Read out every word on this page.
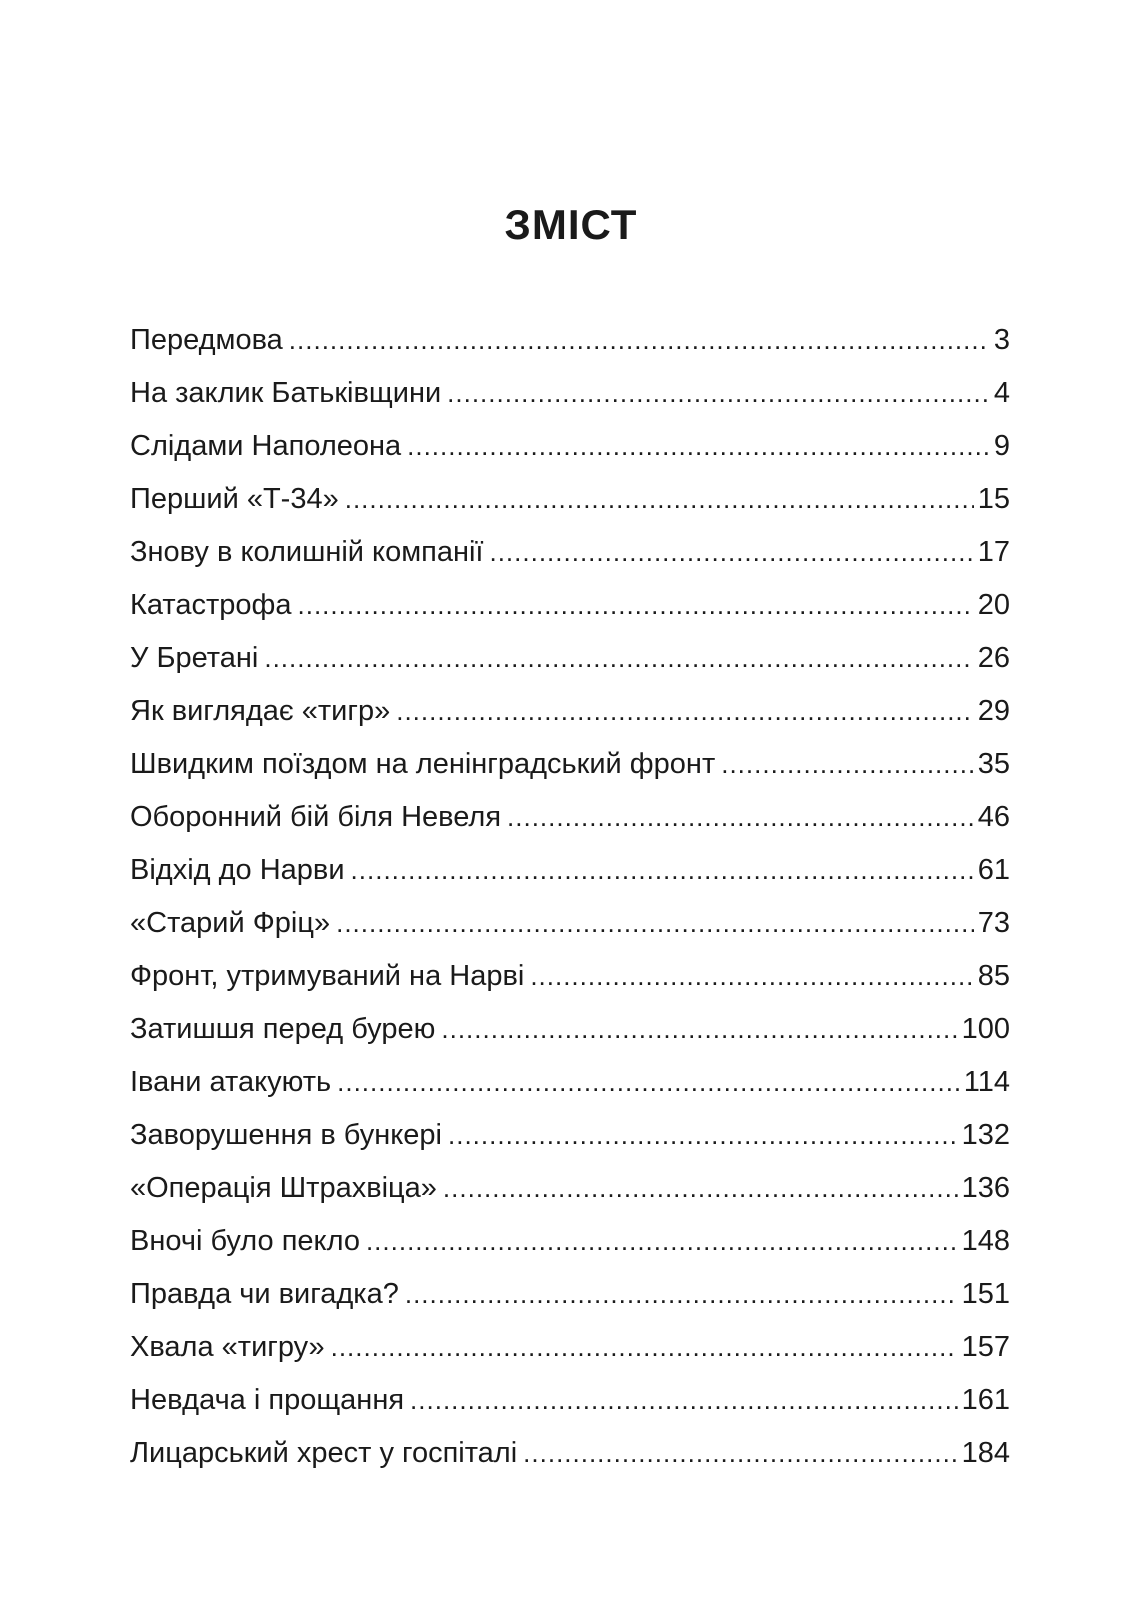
ЗМІСТ
Передмова .....	3
На заклик Батьківщини .....	4
Слідами Наполеона .....	9
Перший «Т-34» .....	15
Знову в колишній компанії .....	17
Катастрофа .....	20
У Бретані .....	26
Як виглядає «тигр» .....	29
Швидким поїздом на ленінградський фронт .....	35
Оборонний бій біля Невеля .....	46
Відхід до Нарви .....	61
«Старий Фріц» .....	73
Фронт, утримуваний на Нарві .....	85
Затишшя перед бурею .....	100
Івани атакують .....	114
Заворушення в бункері .....	132
«Операція Штрахвіца» .....	136
Вночі було пекло .....	148
Правда чи вигадка? .....	151
Хвала «тигру» .....	157
Невдача і прощання .....	161
Лицарський хрест у госпіталі .....	184
